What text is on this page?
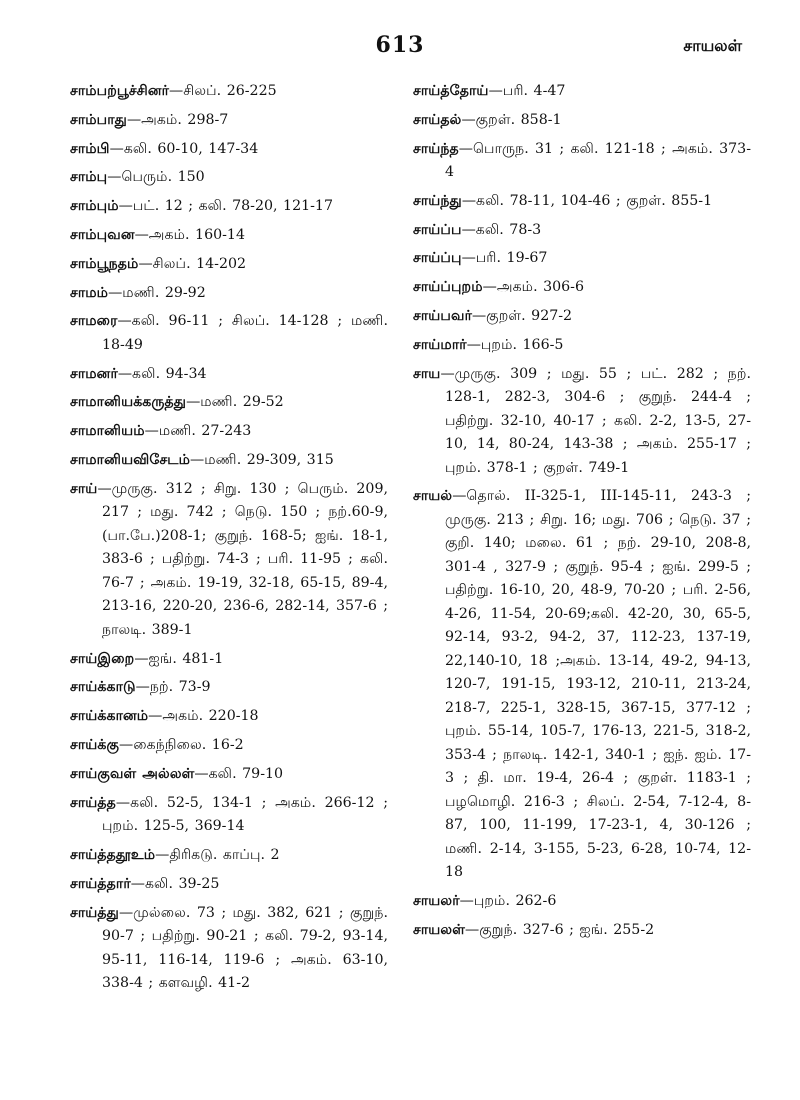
613	சாயலள்

சாம்பற்பூச்சினர்—சிலப். 26-225

சாம்பாது—அகம். 298-7

சாம்பி—கலி. 60-10, 147-34

சாம்பு—பெரும். 150

சாம்பும்—பட். 12 ; கலி. 78-20, 121-17

சாம்புவன—அகம். 160-14

சாம்பூநதம்—சிலப். 14-202

சாமம்—மணி. 29-92

சாமரை—கலி. 96-11 ; சிலப். 14-128 ; மணி. 18-49

சாமனர்—கலி. 94-34

சாமானியக்கருத்து—மணி. 29-52

சாமானியம்—மணி. 27-243

சாமானியவிசேடம்—மணி. 29-309, 315

சாய்—முருகு. 312 ; சிறு. 130 ; பெரும். 209, 217 ; மது. 742 ; நெடு. 150 ; நற்.60-9,(பா.பே.)208-1; குறுந். 168-5; ஐங். 18-1, 383-6 ; பதிற்று. 74-3 ; பரி. 11-95 ; கலி. 76-7 ; அகம். 19-19, 32-18, 65-15, 89-4, 213-16, 220-20, 236-6, 282-14, 357-6 ; நாலடி. 389-1

சாய்இறை—ஐங். 481-1

சாய்க்காடு—நற். 73-9

சாய்க்கானம்—அகம். 220-18

சாய்க்கு—கைந்நிலை. 16-2

சாய்குவள் அல்லள்—கலி. 79-10

சாய்த்த—கலி. 52-5, 134-1 ; அகம். 266-12 ; புறம். 125-5, 369-14

சாய்த்ததூஉம்—திரிகடு. காப்பு. 2

சாய்த்தார்—கலி. 39-25

சாய்த்து—முல்லை. 73 ; மது. 382, 621 ; குறுந். 90-7 ; பதிற்று. 90-21 ; கலி. 79-2, 93-14, 95-11, 116-14, 119-6 ; அகம். 63-10, 338-4 ; களவழி. 41-2

சாய்த்தோய்—பரி. 4-47

சாய்தல்—குறள். 858-1

சாய்ந்த—பொருந. 31 ; கலி. 121-18 ; அகம். 373-4

சாய்ந்து—கலி. 78-11, 104-46 ; குறள். 855-1

சாய்ப்ப—கலி. 78-3

சாய்ப்பு—பரி. 19-67

சாய்ப்புறம்—அகம். 306-6

சாய்பவர்—குறள். 927-2

சாய்மார்—புறம். 166-5

சாய—முருகு. 309 ; மது. 55 ; பட். 282 ; நற். 128-1, 282-3, 304-6 ; குறுந். 244-4 ; பதிற்று. 32-10, 40-17 ; கலி. 2-2, 13-5, 27-10, 14, 80-24, 143-38 ; அகம். 255-17 ; புறம். 378-1 ; குறள். 749-1

சாயல்—தொல். II-325-1, III-145-11, 243-3 ; முருகு. 213 ; சிறு. 16; மது. 706 ; நெடு. 37 ; குறி. 140; மலை. 61 ; நற். 29-10, 208-8, 301-4 , 327-9 ; குறுந். 95-4 ; ஐங். 299-5 ; பதிற்று. 16-10, 20, 48-9, 70-20 ; பரி. 2-56, 4-26, 11-54, 20-69;கலி. 42-20, 30, 65-5, 92-14, 93-2, 94-2, 37, 112-23, 137-19, 22,140-10, 18 ;அகம். 13-14, 49-2, 94-13, 120-7, 191-15, 193-12, 210-11, 213-24, 218-7, 225-1, 328-15, 367-15, 377-12 ; புறம். 55-14, 105-7, 176-13, 221-5, 318-2, 353-4 ; நாலடி. 142-1, 340-1 ; ஐந். ஐம். 17-3 ; தி. மா. 19-4, 26-4 ; குறள். 1183-1 ; பழமொழி. 216-3 ; சிலப். 2-54, 7-12-4, 8-87, 100, 11-199, 17-23-1, 4, 30-126 ; மணி. 2-14, 3-155, 5-23, 6-28, 10-74, 12-18

சாயலர்—புறம். 262-6

சாயலள்—குறுந். 327-6 ; ஐங். 255-2
